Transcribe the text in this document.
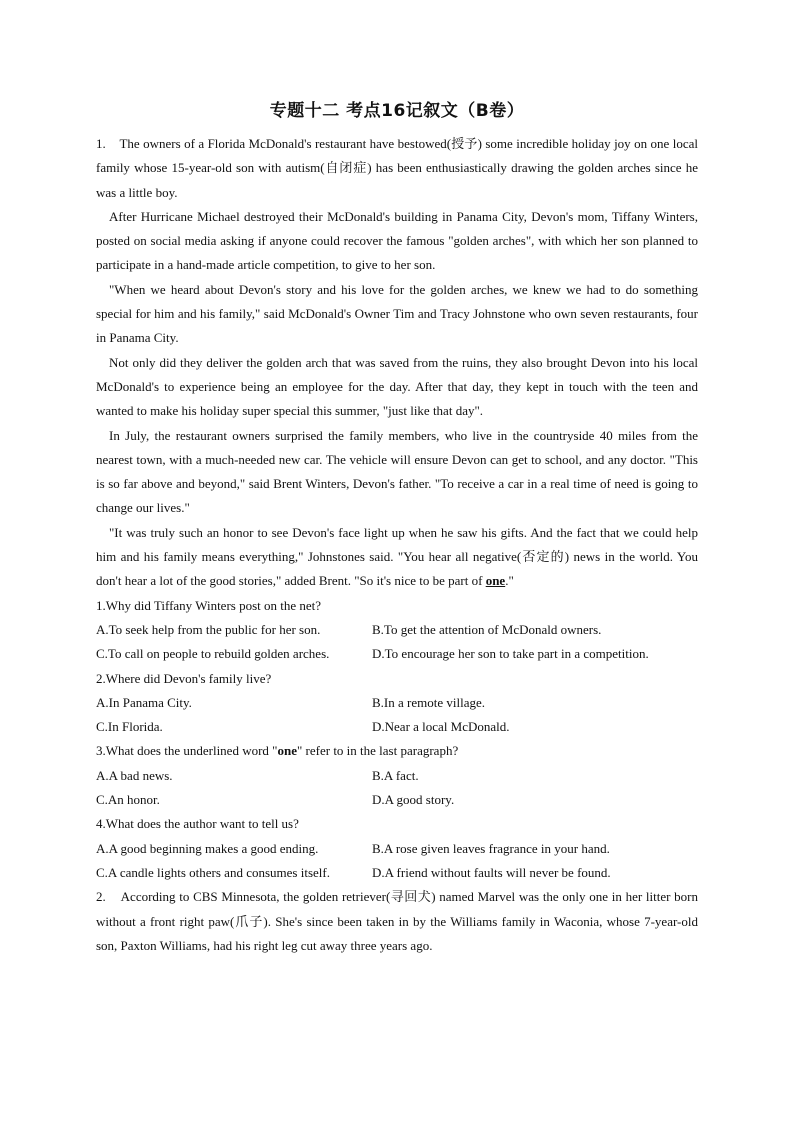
专题十二 考点16记叙文（B卷）

1. The owners of a Florida McDonald's restaurant have bestowed(授予) some incredible holiday joy on one local family whose 15-year-old son with autism(自闭症) has been enthusiastically drawing the golden arches since he was a little boy.

After Hurricane Michael destroyed their McDonald's building in Panama City, Devon's mom, Tiffany Winters, posted on social media asking if anyone could recover the famous "golden arches", with which her son planned to participate in a hand-made article competition, to give to her son.

"When we heard about Devon's story and his love for the golden arches, we knew we had to do something special for him and his family," said McDonald's Owner Tim and Tracy Johnstone who own seven restaurants, four in Panama City.

Not only did they deliver the golden arch that was saved from the ruins, they also brought Devon into his local McDonald's to experience being an employee for the day. After that day, they kept in touch with the teen and wanted to make his holiday super special this summer, "just like that day".

In July, the restaurant owners surprised the family members, who live in the countryside 40 miles from the nearest town, with a much-needed new car. The vehicle will ensure Devon can get to school, and any doctor. "This is so far above and beyond," said Brent Winters, Devon's father. "To receive a car in a real time of need is going to change our lives."

"It was truly such an honor to see Devon's face light up when he saw his gifts. And the fact that we could help him and his family means everything," Johnstones said. "You hear all negative(否定的) news in the world. You don't hear a lot of the good stories," added Brent. "So it's nice to be part of one."

1.Why did Tiffany Winters post on the net?

A.To seek help from the public for her son.	B.To get the attention of McDonald owners.

C.To call on people to rebuild golden arches.	D.To encourage her son to take part in a competition.

2.Where did Devon's family live?

A.In Panama City.	B.In a remote village.

C.In Florida.	D.Near a local McDonald.

3.What does the underlined word "one" refer to in the last paragraph?

A.A bad news.	B.A fact.

C.An honor.	D.A good story.

4.What does the author want to tell us?

A.A good beginning makes a good ending.	B.A rose given leaves fragrance in your hand.

C.A candle lights others and consumes itself.	D.A friend without faults will never be found.

2. According to CBS Minnesota, the golden retriever(寻回犬) named Marvel was the only one in her litter born without a front right paw(爪子). She's since been taken in by the Williams family in Waconia, whose 7-year-old son, Paxton Williams, had his right leg cut away three years ago.
